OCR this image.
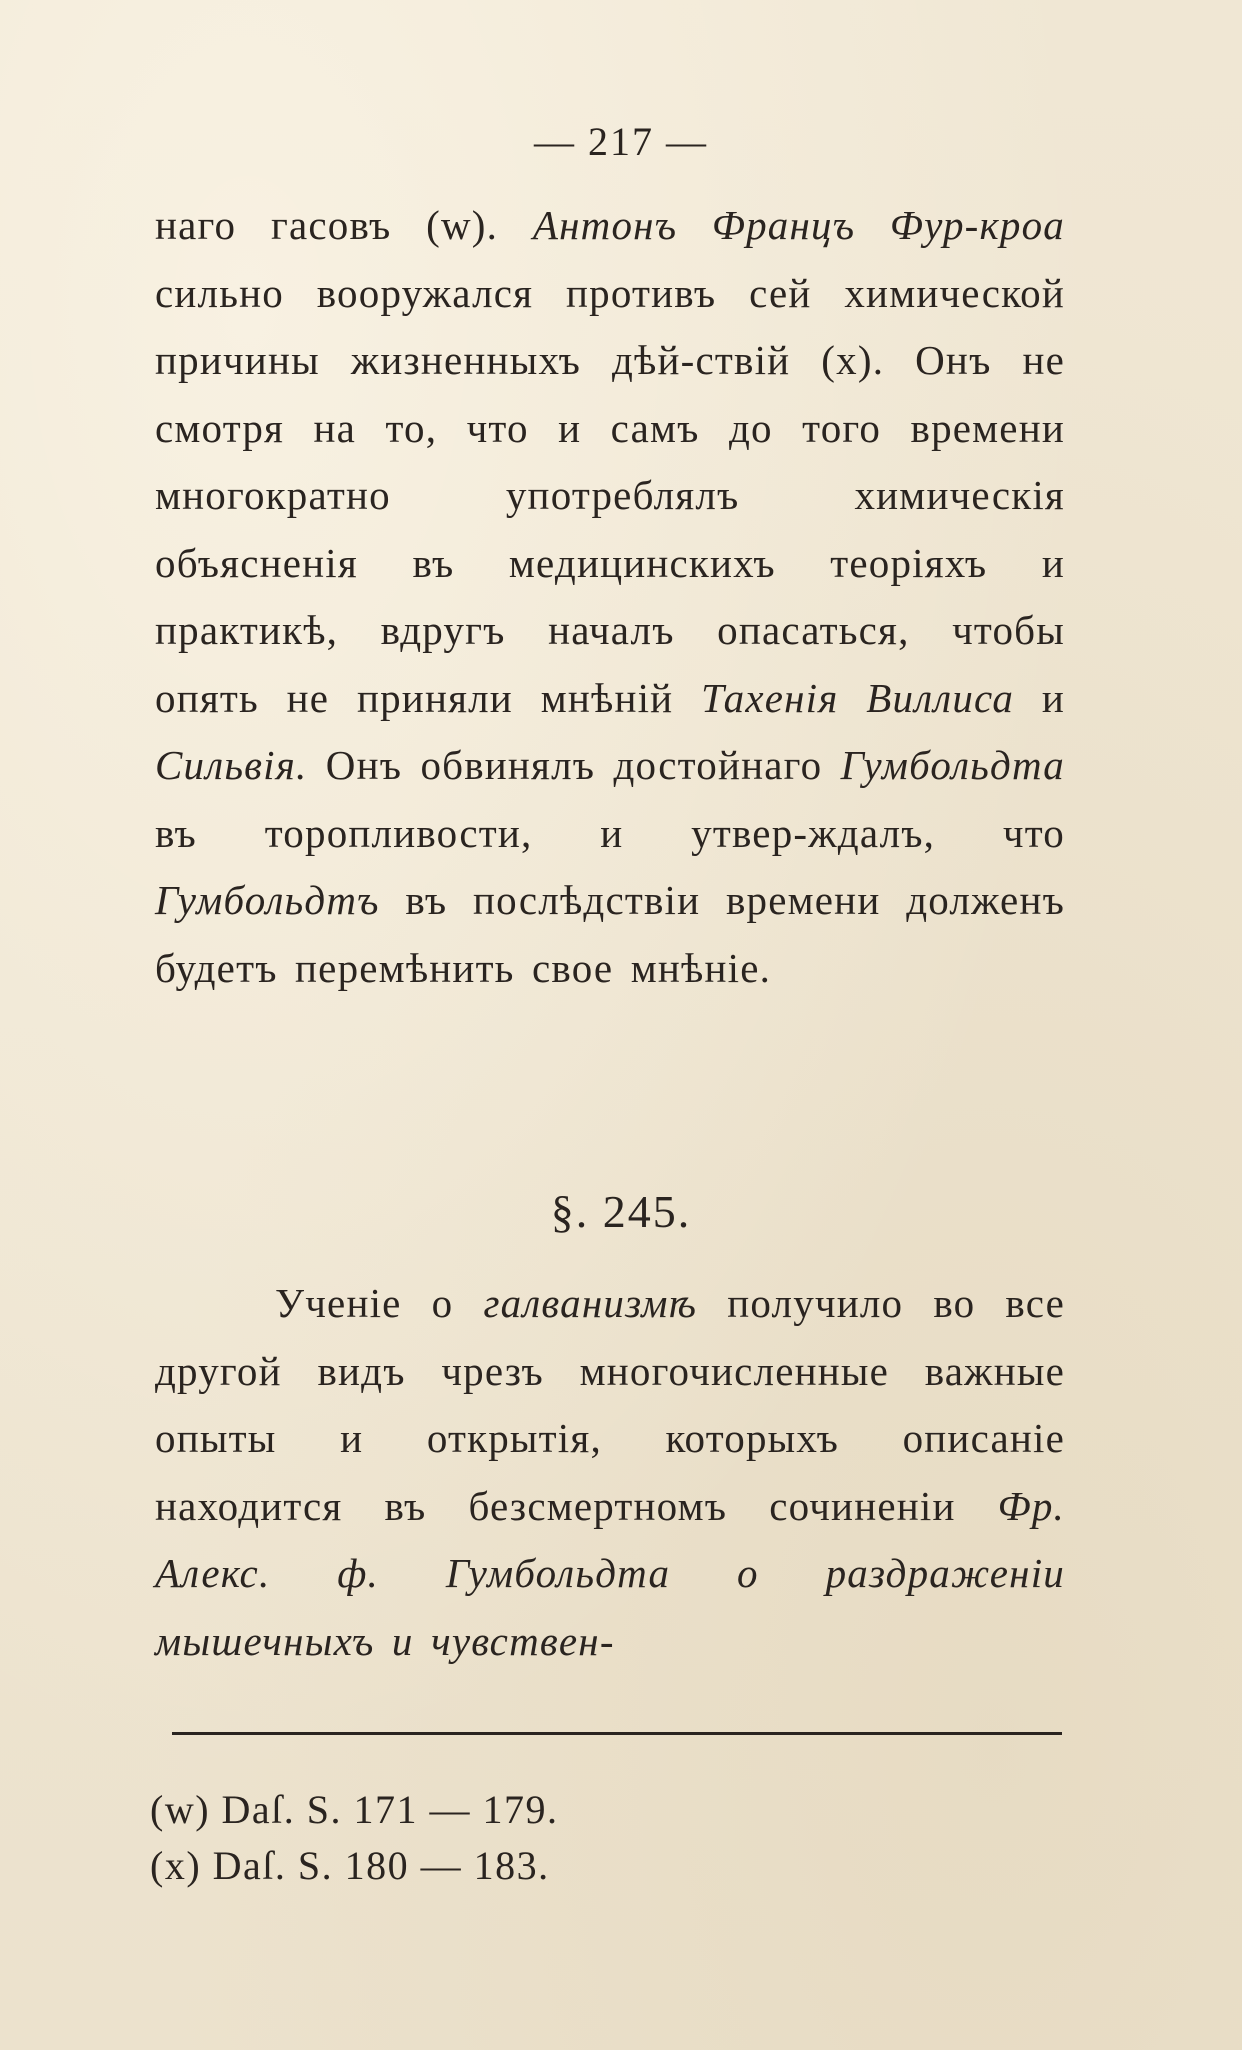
— 217 —
наго гасовъ (w). Антонъ Францъ Фур-кроа сильно вооружался противъ сей химической причины жизненныхъ дѣй-ствій (х). Онъ не смотря на то, что и самъ до того времени многократно употреблялъ химическія объясненія въ медицинскихъ теоріяхъ и практикѣ, вдругъ началъ опасаться, чтобы опять не приняли мнѣній Тахенія Виллиса и Сильвія. Онъ обвинялъ достойнаго Гумбольдта въ торопливости, и утвер-ждалъ, что Гумбольдтъ въ послѣдствіи времени долженъ будетъ перемѣнить свое мнѣніе.
§. 245.
Ученіе о галванизмѣ получило во все другой видъ чрезъ многочисленные важные опыты и открытія, которыхъ описаніе находится въ безсмертномъ сочиненіи Фр. Алекс. ф. Гумбольдта о раздраженіи мышечныхъ и чувствен-
(w) Daſ. S. 171 — 179.
(x) Daſ. S. 180 — 183.
